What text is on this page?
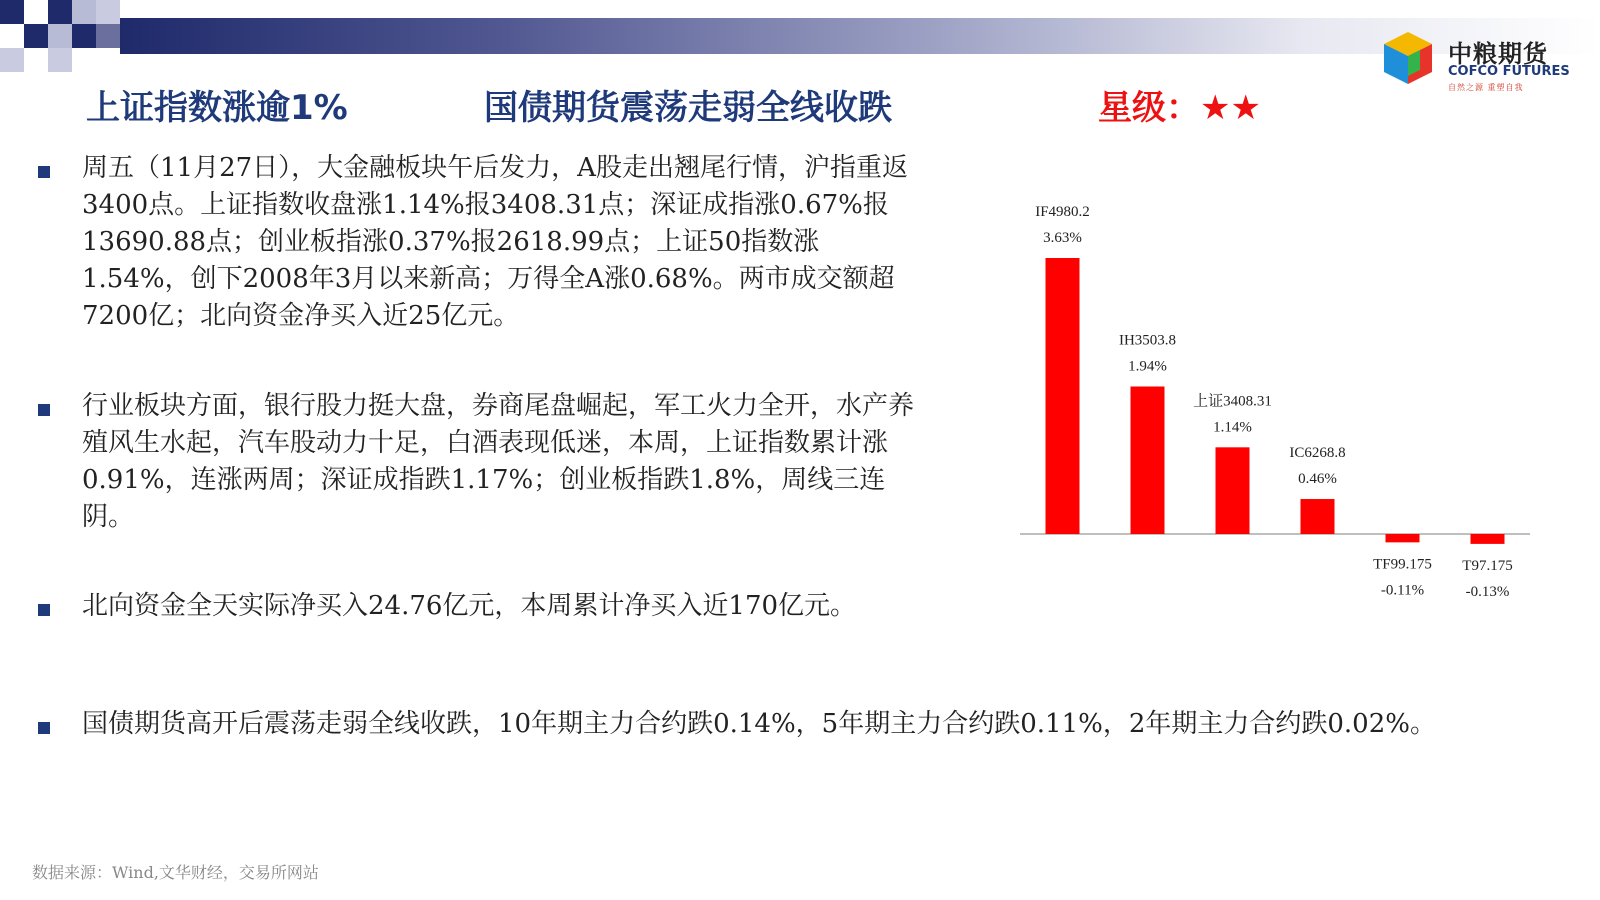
中粮期货
COFCO FUTURES
自然之源 重塑自我
上证指数涨逾1%	国债期货震荡走弱全线收跌	星级：★★
周五（11月27日），大金融板块午后发力，A股走出翘尾行情，沪指重返3400点。上证指数收盘涨1.14%报3408.31点；深证成指涨0.67%报13690.88点；创业板指涨0.37%报2618.99点；上证50指数涨1.54%，创下2008年3月以来新高；万得全A涨0.68%。两市成交额超7200亿；北向资金净买入近25亿元。
行业板块方面，银行股力挺大盘，券商尾盘崛起，军工火力全开，水产养殖风生水起，汽车股动力十足，白酒表现低迷，本周，上证指数累计涨0.91%，连涨两周；深证成指跌1.17%；创业板指跌1.8%，周线三连阴。
北向资金全天实际净买入24.76亿元，本周累计净买入近170亿元。
国债期货高开后震荡走弱全线收跌，10年期主力合约跌0.14%，5年期主力合约跌0.11%，2年期主力合约跌0.02%。
IF4980.2
3.63%
IH3503.8
1.94%
上证3408.31
1.14%
IC6268.8
0.46%
TF99.175
-0.11%
T97.175
-0.13%
数据来源：Wind,文华财经，交易所网站
